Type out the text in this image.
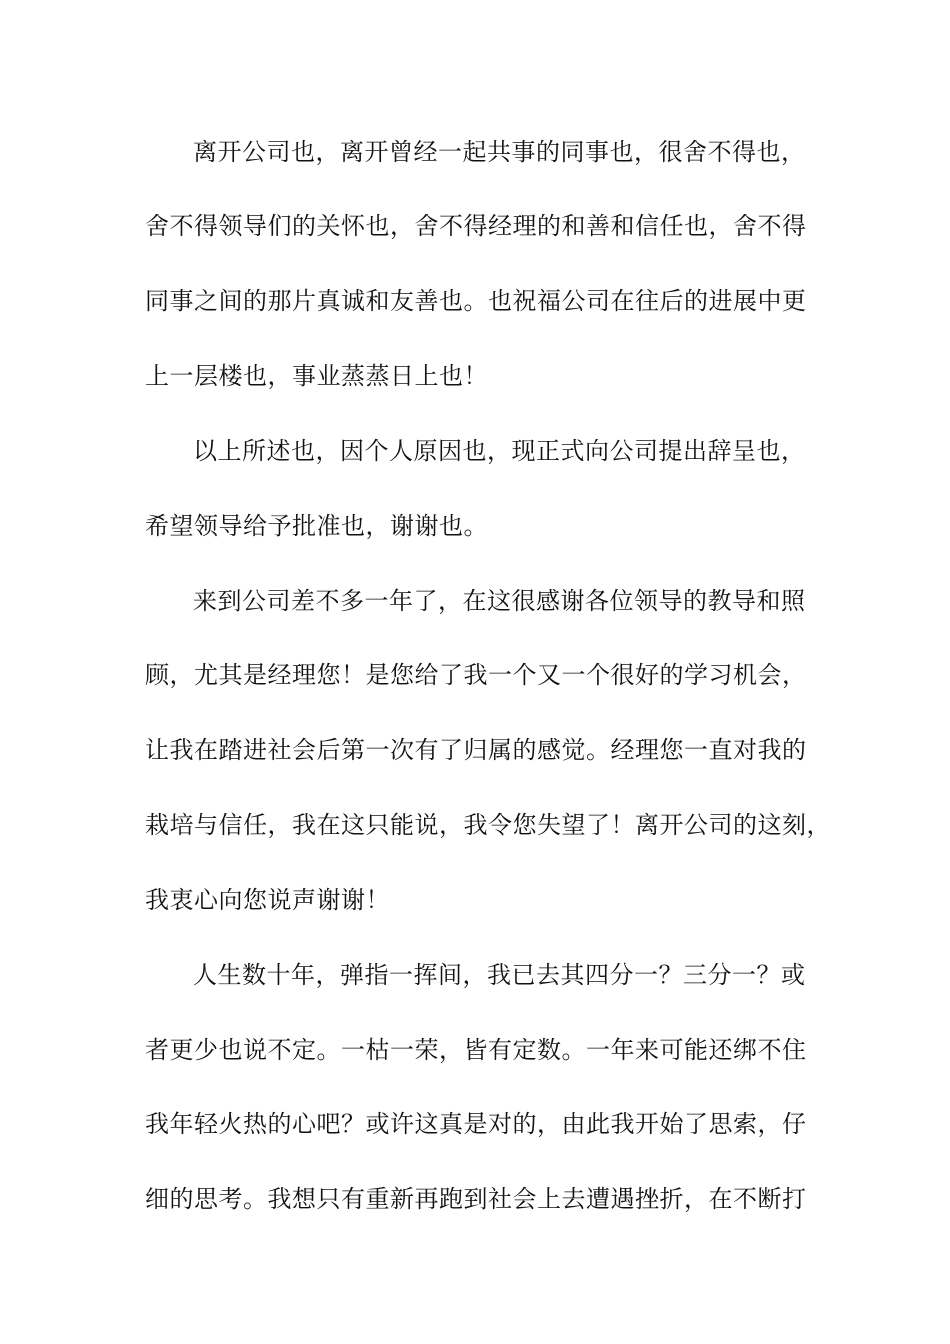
离开公司也，离开曾经一起共事的同事也，很舍不得也，
舍不得领导们的关怀也，舍不得经理的和善和信任也，舍不得
同事之间的那片真诚和友善也。也祝福公司在往后的进展中更
上一层楼也，事业蒸蒸日上也！
以上所述也，因个人原因也，现正式向公司提出辞呈也，
希望领导给予批准也，谢谢也。
来到公司差不多一年了，在这很感谢各位领导的教导和照
顾，尤其是经理您！是您给了我一个又一个很好的学习机会，
让我在踏进社会后第一次有了归属的感觉。经理您一直对我的
栽培与信任，我在这只能说，我令您失望了！离开公司的这刻，
我衷心向您说声谢谢！
人生数十年，弹指一挥间，我已去其四分一？三分一？或
者更少也说不定。一枯一荣，皆有定数。一年来可能还绑不住
我年轻火热的心吧？或许这真是对的，由此我开始了思索，仔
细的思考。我想只有重新再跑到社会上去遭遇挫折，在不断打
